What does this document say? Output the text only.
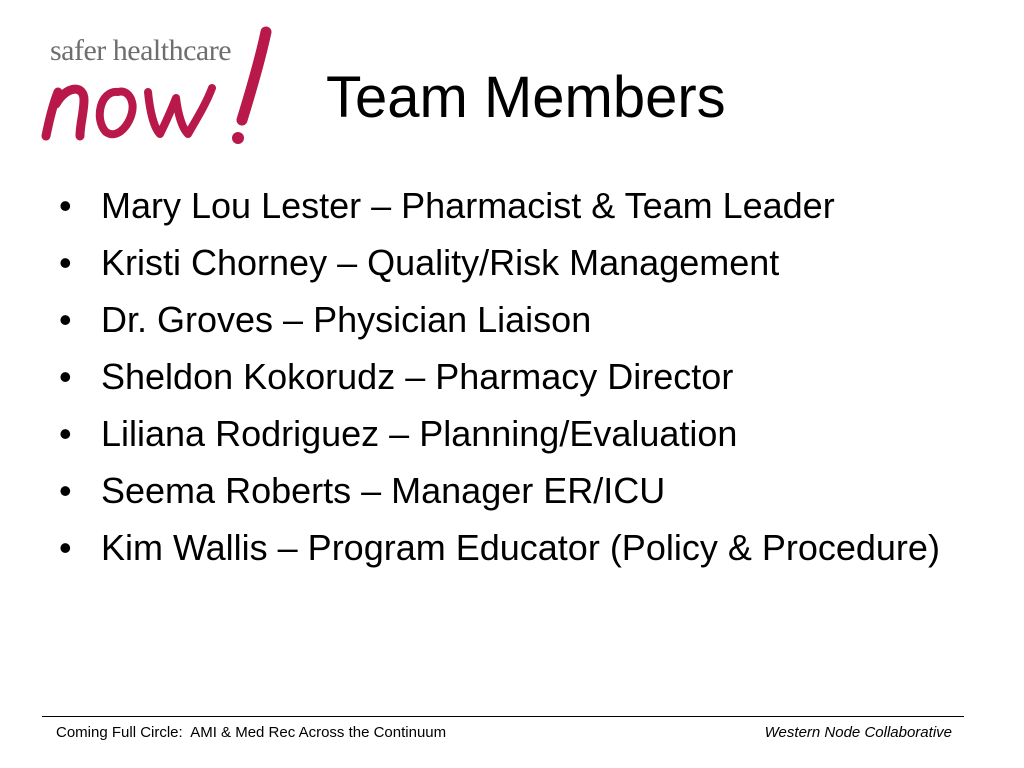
safer healthcare
Team Members
• Mary Lou Lester – Pharmacist & Team Leader
• Kristi Chorney – Quality/Risk Management
• Dr. Groves – Physician Liaison
• Sheldon Kokorudz – Pharmacy Director
• Liliana Rodriguez – Planning/Evaluation
• Seema Roberts – Manager ER/ICU
• Kim Wallis – Program Educator (Policy & Procedure)
Coming Full Circle:  AMI & Med Rec Across the Continuum	Western Node Collaborative
